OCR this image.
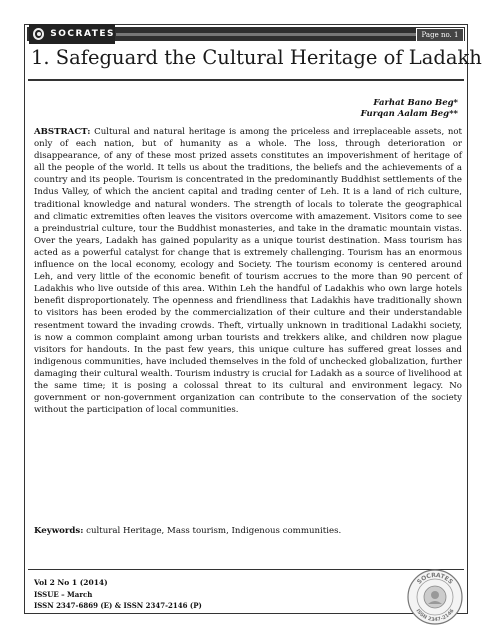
SOCRATES	Page no. 1
1. Safeguard the Cultural Heritage of Ladakh
Farhat Bano Beg*
Furqan Aalam Beg**
ABSTRACT: Cultural and natural heritage is among the priceless and irreplaceable assets, not only of each nation, but of humanity as a whole. The loss, through deterioration or disappearance, of any of these most prized assets constitutes an impoverishment of heritage of all the people of the world. It tells us about the traditions, the beliefs and the achievements of a country and its people. Tourism is concentrated in the predominantly Buddhist settlements of the Indus Valley, of which the ancient capital and trading center of Leh. It is a land of rich culture, traditional knowledge and natural wonders. The strength of locals to tolerate the geographical and climatic extremities often leaves the visitors overcome with amazement. Visitors come to see a preindustrial culture, tour the Buddhist monasteries, and take in the dramatic mountain vistas. Over the years, Ladakh has gained popularity as a unique tourist destination. Mass tourism has acted as a powerful catalyst for change that is extremely challenging. Tourism has an enormous influence on the local economy, ecology and Society. The tourism economy is centered around Leh, and very little of the economic benefit of tourism accrues to the more than 90 percent of Ladakhis who live outside of this area. Within Leh the handful of Ladakhis who own large hotels benefit disproportionately. The openness and friendliness that Ladakhis have traditionally shown to visitors has been eroded by the commercialization of their culture and their understandable resentment toward the invading crowds. Theft, virtually unknown in traditional Ladakhi society, is now a common complaint among urban tourists and trekkers alike, and children now plague visitors for handouts. In the past few years, this unique culture has suffered great losses and indigenous communities, have included themselves in the fold of unchecked globalization, further damaging their cultural wealth. Tourism industry is crucial for Ladakh as a source of livelihood at the same time; it is posing a colossal threat to its cultural and environment legacy. No government or non-government organization can contribute to the conservation of the society without the participation of local communities.
Keywords: cultural Heritage, Mass tourism, Indigenous communities.
Vol 2 No 1 (2014)
ISSUE – March
ISSN 2347-6869 (E) & ISSN 2347-2146 (P)
SOCRATES
ISSN 2347-2146
